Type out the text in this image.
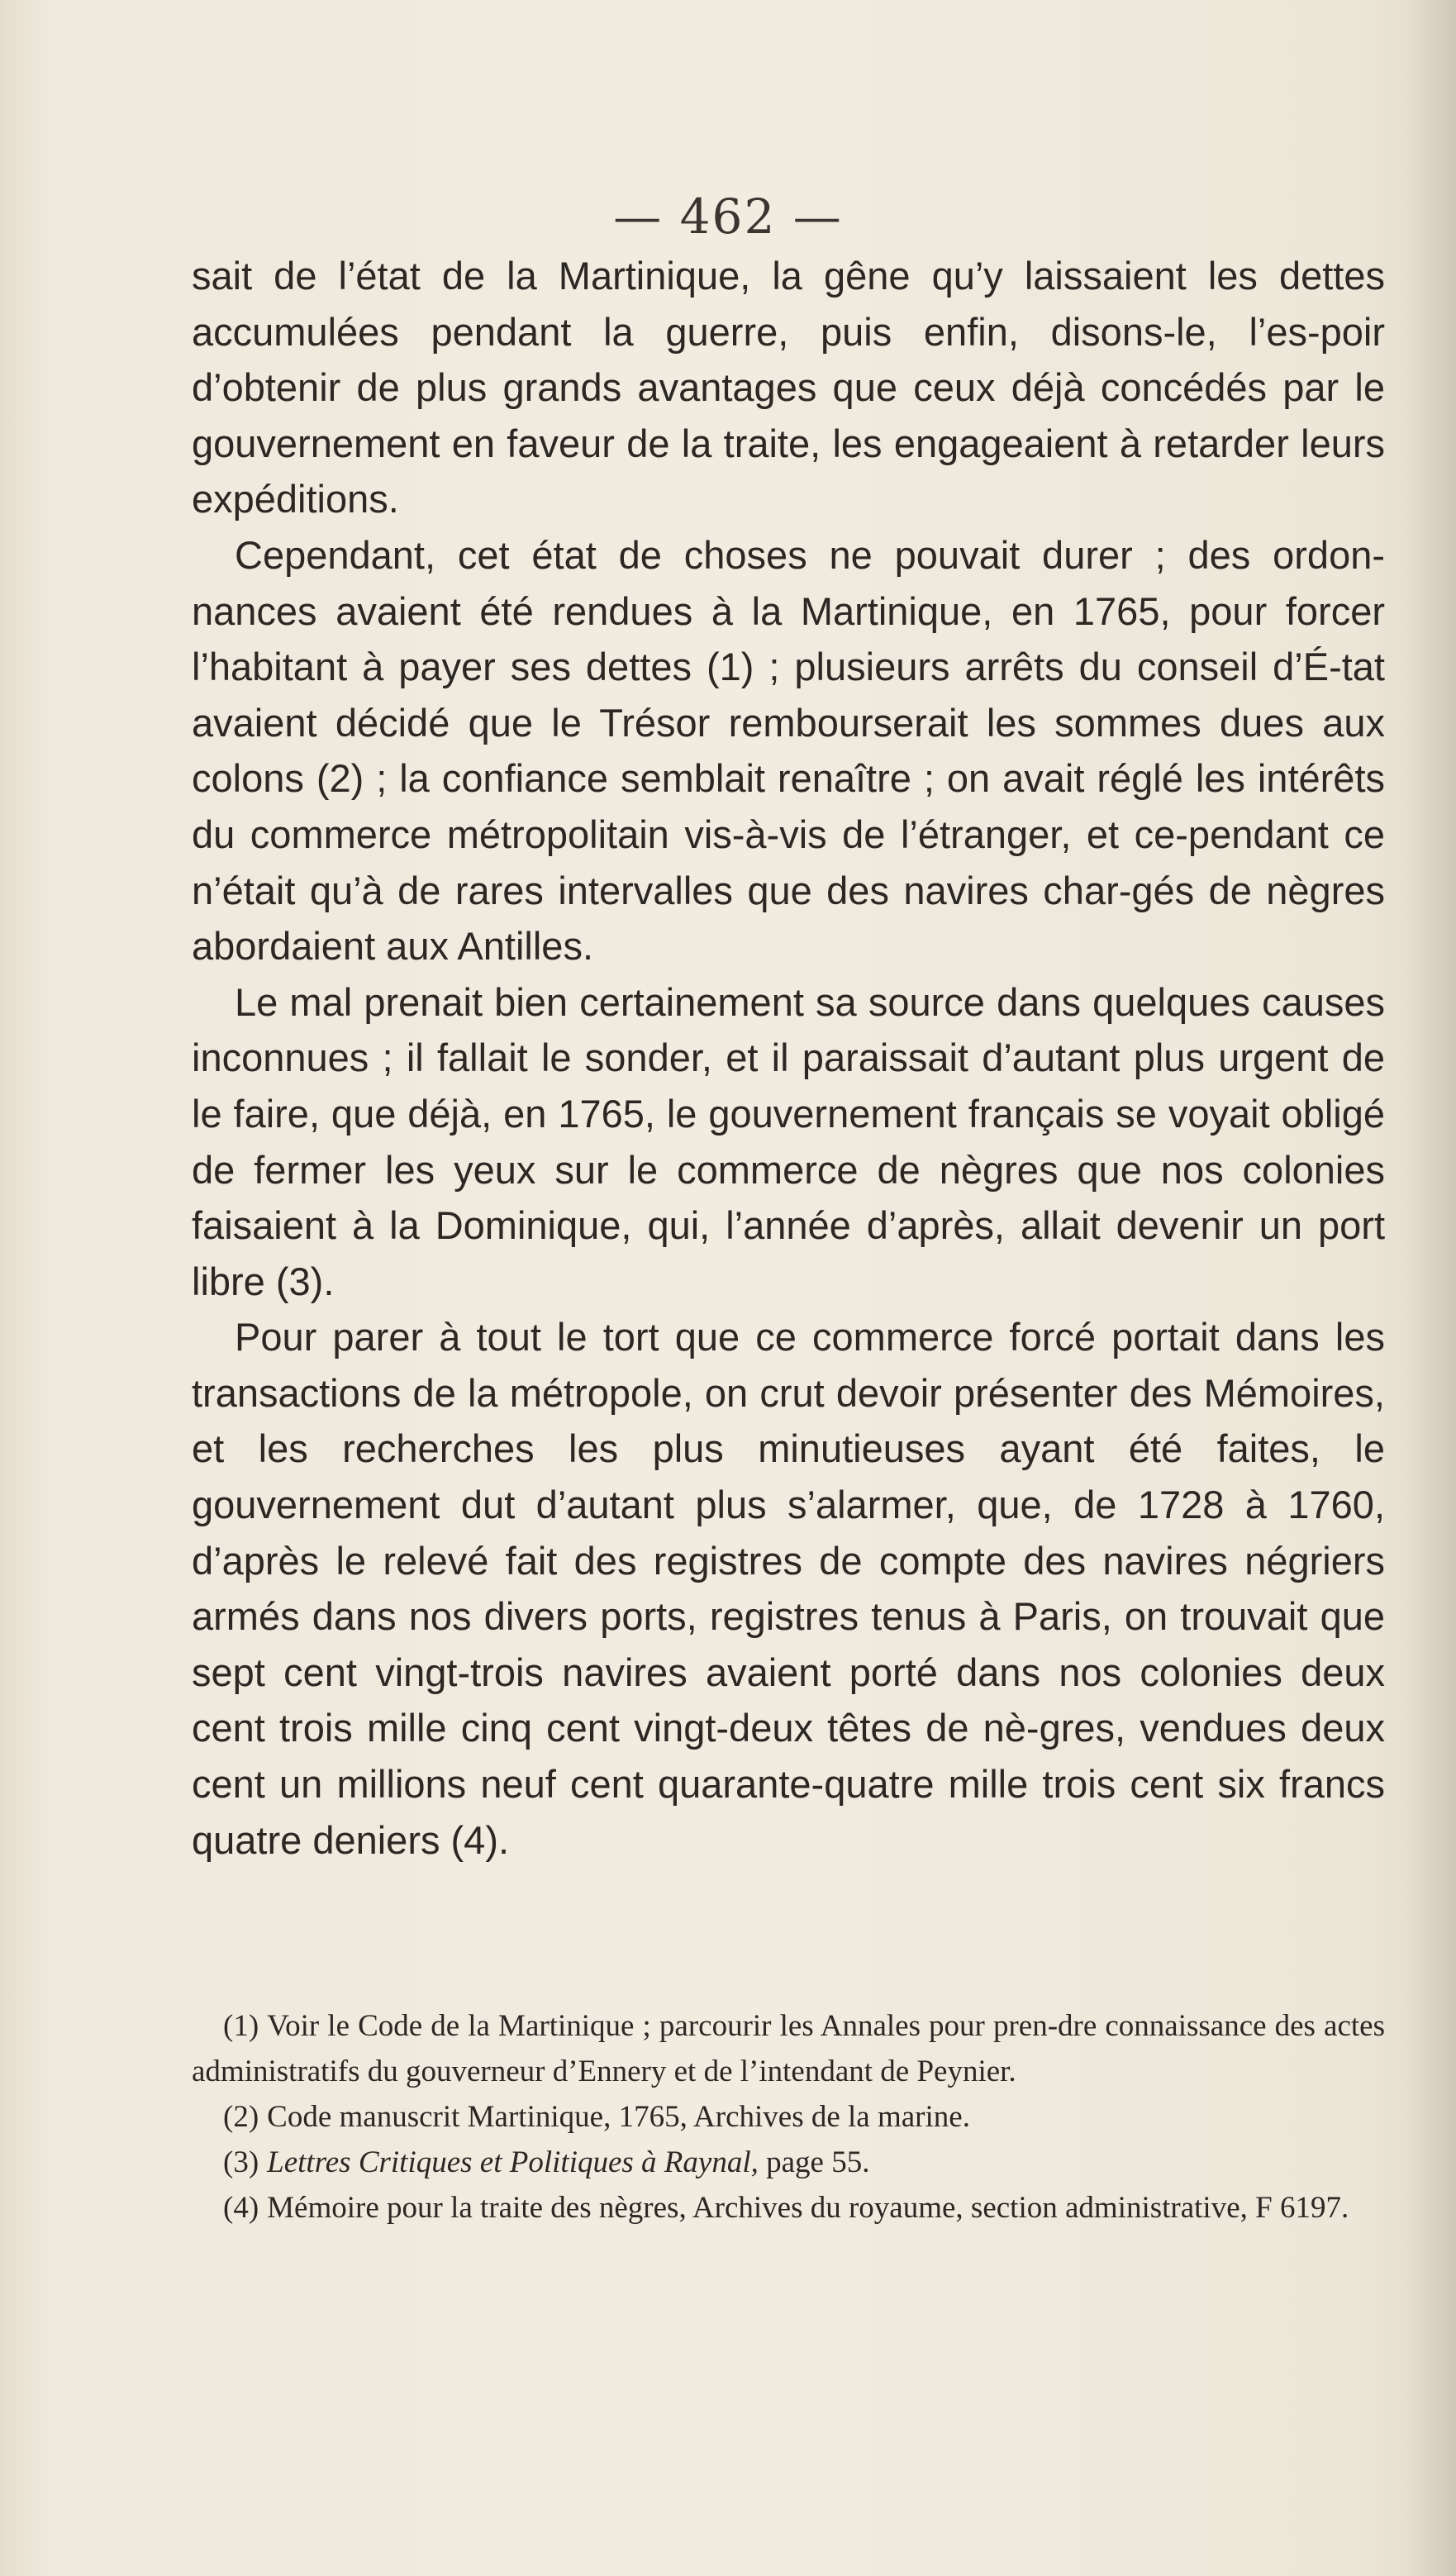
— 462 —

sait de l’état de la Martinique, la gêne qu’y laissaient les dettes accumulées pendant la guerre, puis enfin, disons-le, l’es-poir d’obtenir de plus grands avantages que ceux déjà concédés par le gouvernement en faveur de la traite, les engageaient à retarder leurs expéditions.

Cependant, cet état de choses ne pouvait durer ; des ordon-nances avaient été rendues à la Martinique, en 1765, pour forcer l’habitant à payer ses dettes (1) ; plusieurs arrêts du conseil d’É-tat avaient décidé que le Trésor rembourserait les sommes dues aux colons (2) ; la confiance semblait renaître ; on avait réglé les intérêts du commerce métropolitain vis-à-vis de l’étranger, et ce-pendant ce n’était qu’à de rares intervalles que des navires char-gés de nègres abordaient aux Antilles.

Le mal prenait bien certainement sa source dans quelques causes inconnues ; il fallait le sonder, et il paraissait d’autant plus urgent de le faire, que déjà, en 1765, le gouvernement français se voyait obligé de fermer les yeux sur le commerce de nègres que nos colonies faisaient à la Dominique, qui, l’année d’après, allait devenir un port libre (3).

Pour parer à tout le tort que ce commerce forcé portait dans les transactions de la métropole, on crut devoir présenter des Mémoires, et les recherches les plus minutieuses ayant été faites, le gouvernement dut d’autant plus s’alarmer, que, de 1728 à 1760, d’après le relevé fait des registres de compte des navires négriers armés dans nos divers ports, registres tenus à Paris, on trouvait que sept cent vingt-trois navires avaient porté dans nos colonies deux cent trois mille cinq cent vingt-deux têtes de nè-gres, vendues deux cent un millions neuf cent quarante-quatre mille trois cent six francs quatre deniers (4).

(1) Voir le Code de la Martinique ; parcourir les Annales pour pren-dre connaissance des actes administratifs du gouverneur d’Ennery et de l’intendant de Peynier.

(2) Code manuscrit Martinique, 1765, Archives de la marine.

(3) Lettres Critiques et Politiques à Raynal, page 55.

(4) Mémoire pour la traite des nègres, Archives du royaume, section administrative, F 6197.
